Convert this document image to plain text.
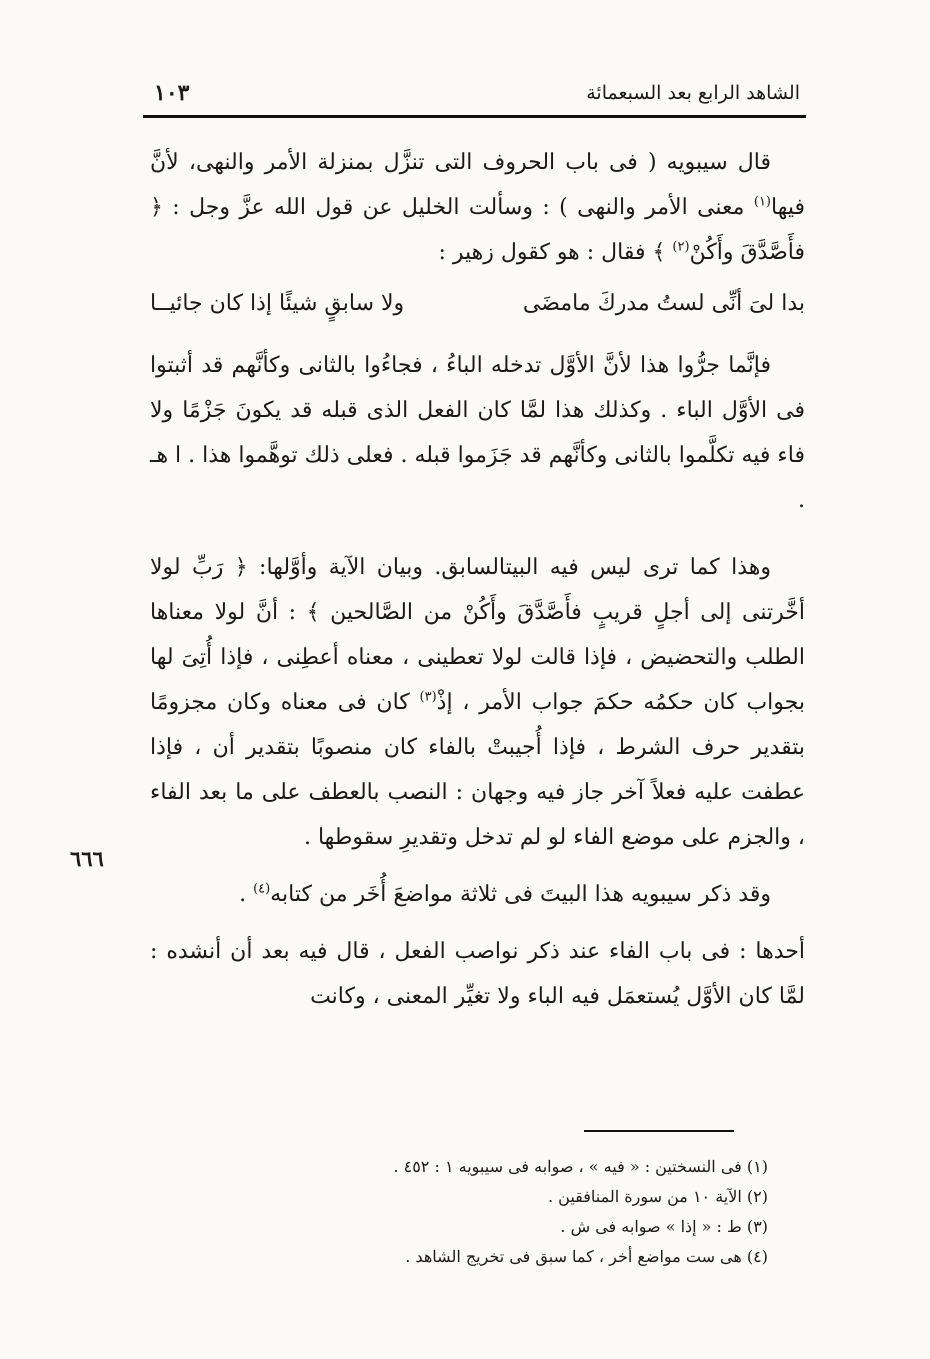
الشاهد الرابع بعد السبعمائة
١٠٣
٦٦٦

قال سيبويه ( فى باب الحروف التى تنزَّل بمنزلة الأمر والنهى، لأنَّ فيها$^{(١)}$ معنى الأمر والنهى ) : وسألت الخليل عن قول الله عزَّ وجل : ﴿ فأَصَّدَّقَ وأَكُنْ$^{(٢)}$ ﴾ فقال : هو كقول زهير :

بدا لىَ أنِّى لستُ مدركَ مامضَى
ولا سابقٍ شيئًا إذا كان جائيــا

فإنَّما جرُّوا هذا لأنَّ الأوَّل تدخله الباءُ ، فجاءُوا بالثانى وكأنَّهم قد أثبتوا فى الأوَّل الباء . وكذلك هذا لمَّا كان الفعل الذى قبله قد يكونَ جَزْمًا ولا فاء فيه تكلَّموا بالثانى وكأنَّهم قد جَزَموا قبله . فعلى ذلك توهَّموا هذا . ا هـ .

وهذا كما ترى ليس فيه البيتالسابق. وبيان الآية وأوَّلها: ﴿ رَبِّ لولا أخَّرتنى إلى أجلٍ قريبٍ فأَصَّدَّقَ وأَكُنْ من الصَّالحين ﴾ : أنَّ لولا معناها الطلب والتحضيض ، فإذا قالت لولا تعطينى ، معناه أعطِنى ، فإذا أُتِىَ لها بجواب كان حكمُه حكمَ جواب الأمر ، إذْ$^{(٣)}$ كان فى معناه وكان مجزومًا بتقدير حرف الشرط ، فإذا أُجيبتْ بالفاء كان منصوبًا بتقدير أن ، فإذا عطفت عليه فعلاً آخر جاز فيه وجهان : النصب بالعطف على ما بعد الفاء ، والجزم على موضع الفاء لو لم تدخل وتقديرِ سقوطها .

وقد ذكر سيبويه هذا البيتَ فى ثلاثة مواضعَ أُخَر من كتابه$^{(٤)}$ .

أحدها : فى باب الفاء عند ذكر نواصب الفعل ، قال فيه بعد أن أنشده : لمَّا كان الأوَّل يُستعمَل فيه الباء ولا تغيِّر المعنى ، وكانت

(١) فى النسختين : « فيه » ، صوابه فى سيبويه ١ : ٤٥٢ .
(٢) الآية ١٠ من سورة المنافقين .
(٣) ط : « إذا » صوابه فى ش .
(٤) هى ست مواضع أخر ، كما سبق فى تخريج الشاهد .
